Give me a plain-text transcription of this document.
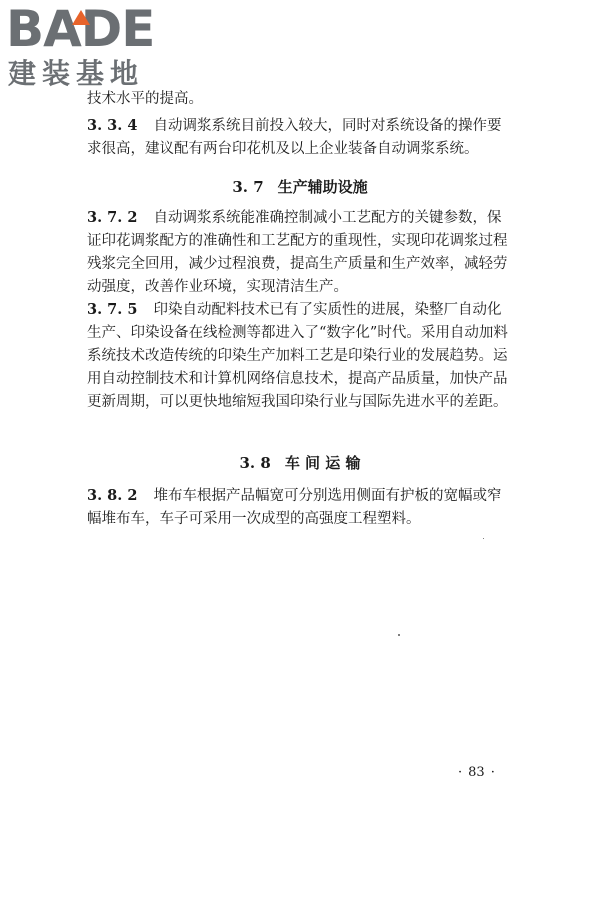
BADE
建装基地

技术水平的提高。

3. 3. 4 自动调浆系统目前投入较大，同时对系统设备的操作要求很高，建议配有两台印花机及以上企业装备自动调浆系统。

3. 7 生产辅助设施

3. 7. 2 自动调浆系统能准确控制减小工艺配方的关键参数，保证印花调浆配方的准确性和工艺配方的重现性，实现印花调浆过程残浆完全回用，减少过程浪费，提高生产质量和生产效率，减轻劳动强度，改善作业环境，实现清洁生产。

3. 7. 5 印染自动配料技术已有了实质性的进展，染整厂自动化生产、印染设备在线检测等都进入了“数字化”时代。采用自动加料系统技术改造传统的印染生产加料工艺是印染行业的发展趋势。运用自动控制技术和计算机网络信息技术，提高产品质量，加快产品更新周期，可以更快地缩短我国印染行业与国际先进水平的差距。

3. 8 车 间 运 输

3. 8. 2 堆布车根据产品幅宽可分别选用侧面有护板的宽幅或窄幅堆布车，车子可采用一次成型的高强度工程塑料。

· 83 ·
